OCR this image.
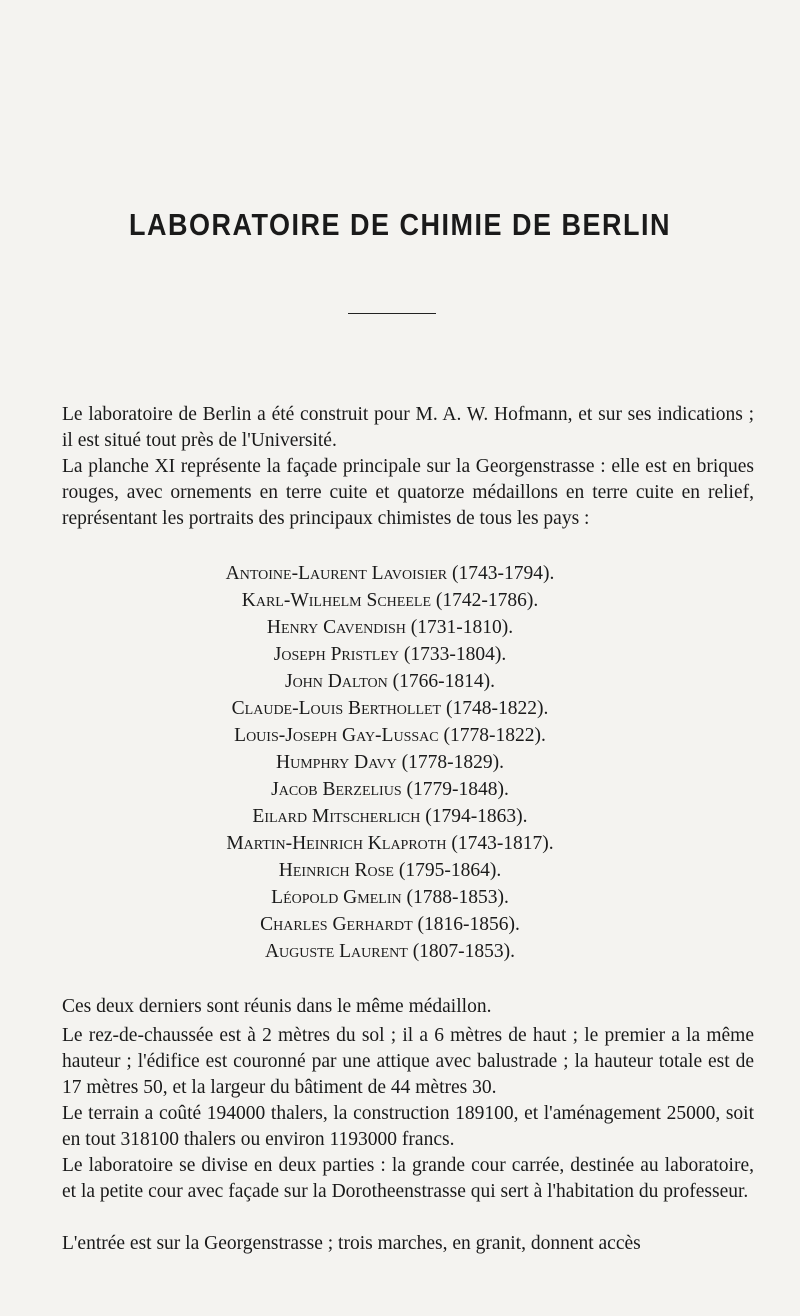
LABORATOIRE DE CHIMIE DE BERLIN
Le laboratoire de Berlin a été construit pour M. A. W. Hofmann, et sur ses indications ; il est situé tout près de l'Université.
La planche XI représente la façade principale sur la Georgenstrasse : elle est en briques rouges, avec ornements en terre cuite et quatorze médaillons en terre cuite en relief, représentant les portraits des principaux chimistes de tous les pays :
Antoine-Laurent Lavoisier (1743-1794).
Karl-Wilhelm Scheele (1742-1786).
Henry Cavendish (1731-1810).
Joseph Pristley (1733-1804).
John Dalton (1766-1814).
Claude-Louis Berthollet (1748-1822).
Louis-Joseph Gay-Lussac (1778-1822).
Humphry Davy (1778-1829).
Jacob Berzelius (1779-1848).
Eilard Mitscherlich (1794-1863).
Martin-Heinrich Klaproth (1743-1817).
Heinrich Rose (1795-1864).
Léopold Gmelin (1788-1853).
Charles Gerhardt (1816-1856).
Auguste Laurent (1807-1853).
Ces deux derniers sont réunis dans le même médaillon.
Le rez-de-chaussée est à 2 mètres du sol ; il a 6 mètres de haut ; le premier a la même hauteur ; l'édifice est couronné par une attique avec balustrade ; la hauteur totale est de 17 mètres 50, et la largeur du bâtiment de 44 mètres 30.
Le terrain a coûté 194000 thalers, la construction 189100, et l'aménagement 25000, soit en tout 318100 thalers ou environ 1193000 francs.
Le laboratoire se divise en deux parties : la grande cour carrée, destinée au laboratoire, et la petite cour avec façade sur la Dorotheenstrasse qui sert à l'habitation du professeur.
L'entrée est sur la Georgenstrasse ; trois marches, en granit, donnent accès
